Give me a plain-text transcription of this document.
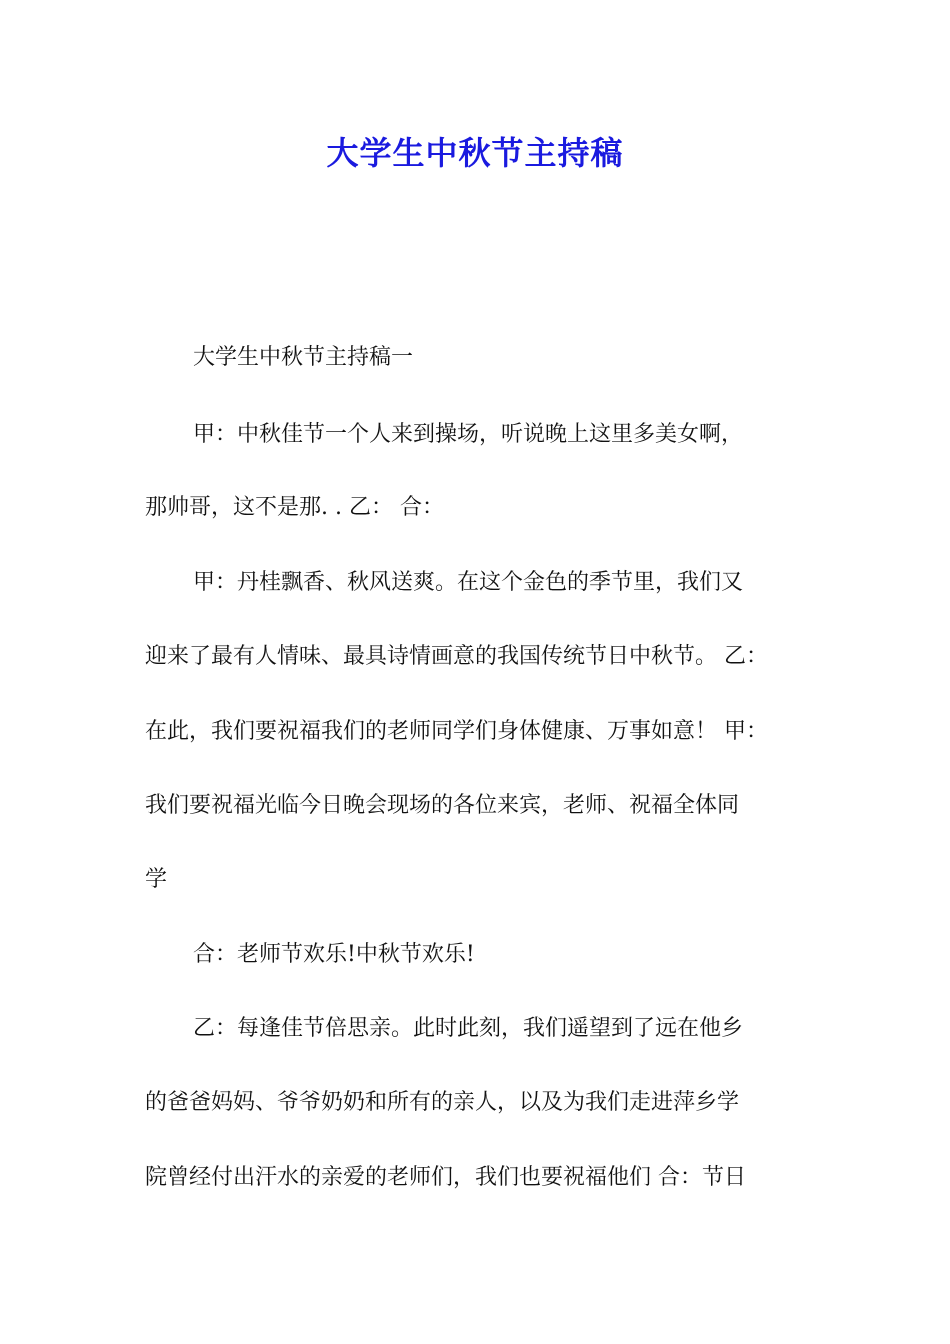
大学生中秋节主持稿

大学生中秋节主持稿一

甲：中秋佳节一个人来到操场，听说晚上这里多美女啊，

那帅哥，这不是那. . 乙： 合：

甲：丹桂飘香、秋风送爽。在这个金色的季节里，我们又

迎来了最有人情味、最具诗情画意的我国传统节日中秋节。 乙：

在此，我们要祝福我们的老师同学们身体健康、万事如意！ 甲：

我们要祝福光临今日晚会现场的各位来宾，老师、祝福全体同

学

合：老师节欢乐!中秋节欢乐!

乙：每逢佳节倍思亲。此时此刻，我们遥望到了远在他乡

的爸爸妈妈、爷爷奶奶和所有的亲人，以及为我们走进萍乡学

院曾经付出汗水的亲爱的老师们，我们也要祝福他们 合：节日
